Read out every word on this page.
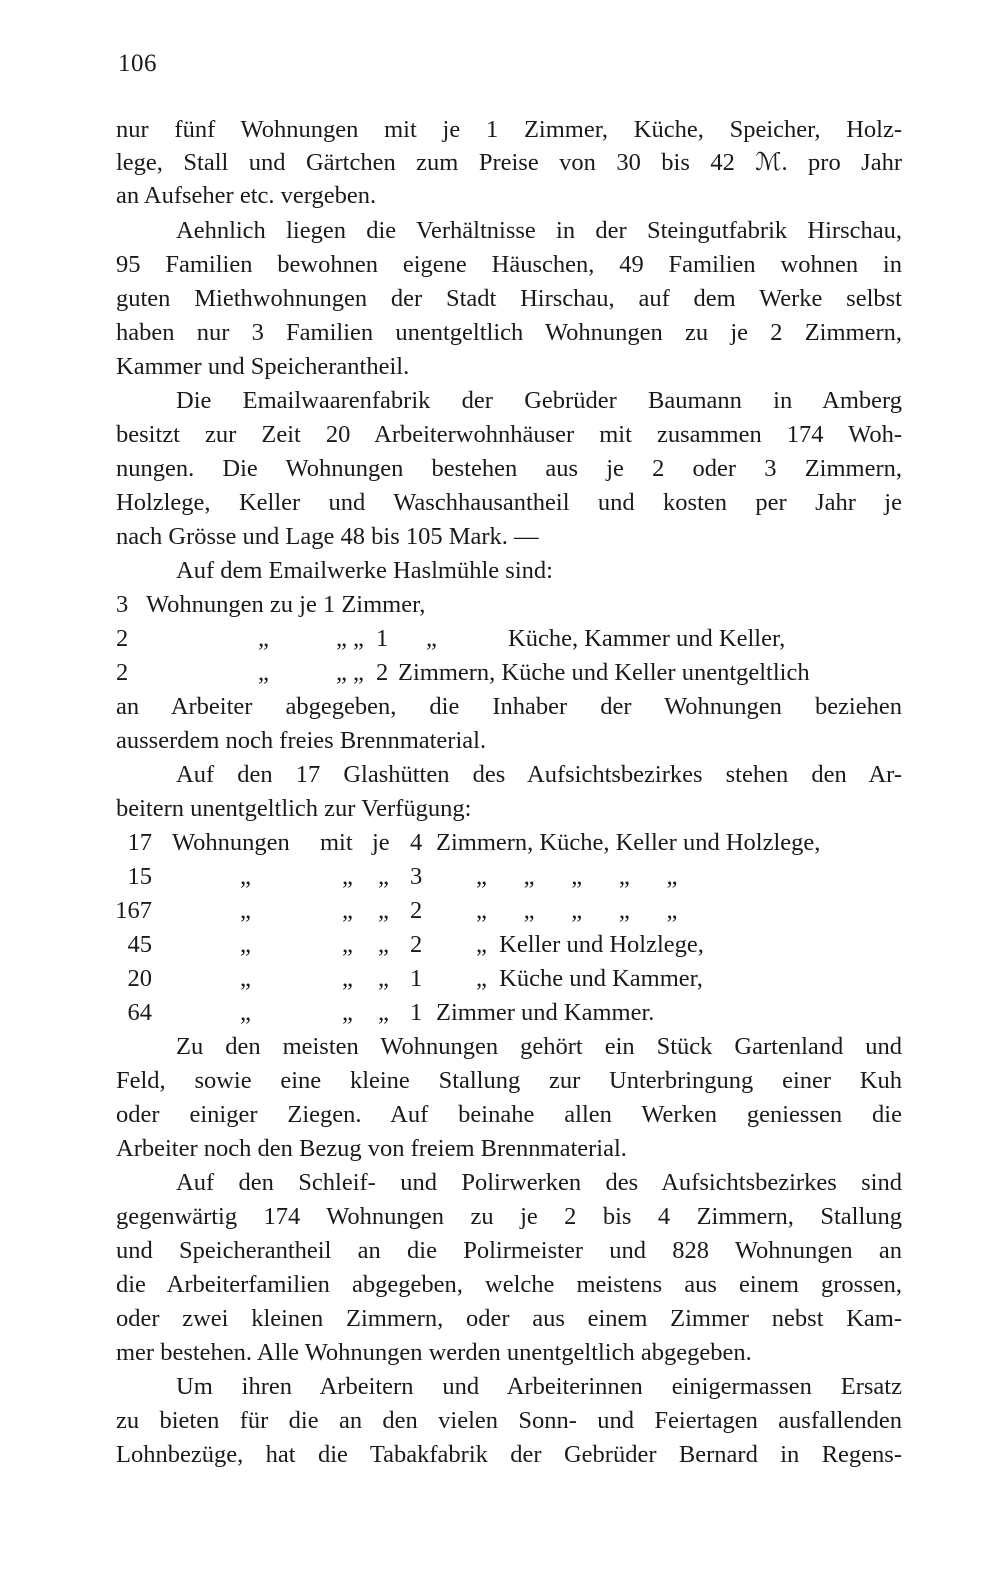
106
nur fünf Wohnungen mit je 1 Zimmer, Küche, Speicher, Holz-
lege, Stall und Gärtchen zum Preise von 30 bis 42 ℳ. pro Jahr
an Aufseher etc. vergeben.
Aehnlich liegen die Verhältnisse in der Steingutfabrik Hirschau,
95 Familien bewohnen eigene Häuschen, 49 Familien wohnen in
guten Miethwohnungen der Stadt Hirschau, auf dem Werke selbst
haben nur 3 Familien unentgeltlich Wohnungen zu je 2 Zimmern,
Kammer und Speicherantheil.
Die Emailwaarenfabrik der Gebrüder Baumann in Amberg
besitzt zur Zeit 20 Arbeiterwohnhäuser mit zusammen 174 Woh-
nungen. Die Wohnungen bestehen aus je 2 oder 3 Zimmern,
Holzlege, Keller und Waschhausantheil und kosten per Jahr je
nach Grösse und Lage 48 bis 105 Mark. —
Auf dem Emailwerke Haslmühle sind:
3 Wohnungen zu je 1 Zimmer,
2	„	„ „ 1 „	Küche, Kammer und Keller,
2	„	„ „ 2 Zimmern, Küche und Keller unentgeltlich
an Arbeiter abgegeben, die Inhaber der Wohnungen beziehen
ausserdem noch freies Brennmaterial.
Auf den 17 Glashütten des Aufsichtsbezirkes stehen den Ar-
beitern unentgeltlich zur Verfügung:
17 Wohnungen mit je 4 Zimmern, Küche, Keller und Holzlege,
15	„	„ „ 3 „      „      „      „      „
167	„	„ „ 2 „      „      „      „      „
45	„	„ „ 2 „  Keller und Holzlege,
20	„	„ „ 1 „  Küche und Kammer,
64	„	„ „ 1 Zimmer und Kammer.
Zu den meisten Wohnungen gehört ein Stück Gartenland und
Feld, sowie eine kleine Stallung zur Unterbringung einer Kuh
oder einiger Ziegen. Auf beinahe allen Werken geniessen die
Arbeiter noch den Bezug von freiem Brennmaterial.
Auf den Schleif- und Polirwerken des Aufsichtsbezirkes sind
gegenwärtig 174 Wohnungen zu je 2 bis 4 Zimmern, Stallung
und Speicherantheil an die Polirmeister und 828 Wohnungen an
die Arbeiterfamilien abgegeben, welche meistens aus einem grossen,
oder zwei kleinen Zimmern, oder aus einem Zimmer nebst Kam-
mer bestehen. Alle Wohnungen werden unentgeltlich abgegeben.
Um ihren Arbeitern und Arbeiterinnen einigermassen Ersatz
zu bieten für die an den vielen Sonn- und Feiertagen ausfallenden
Lohnbezüge, hat die Tabakfabrik der Gebrüder Bernard in Regens-
